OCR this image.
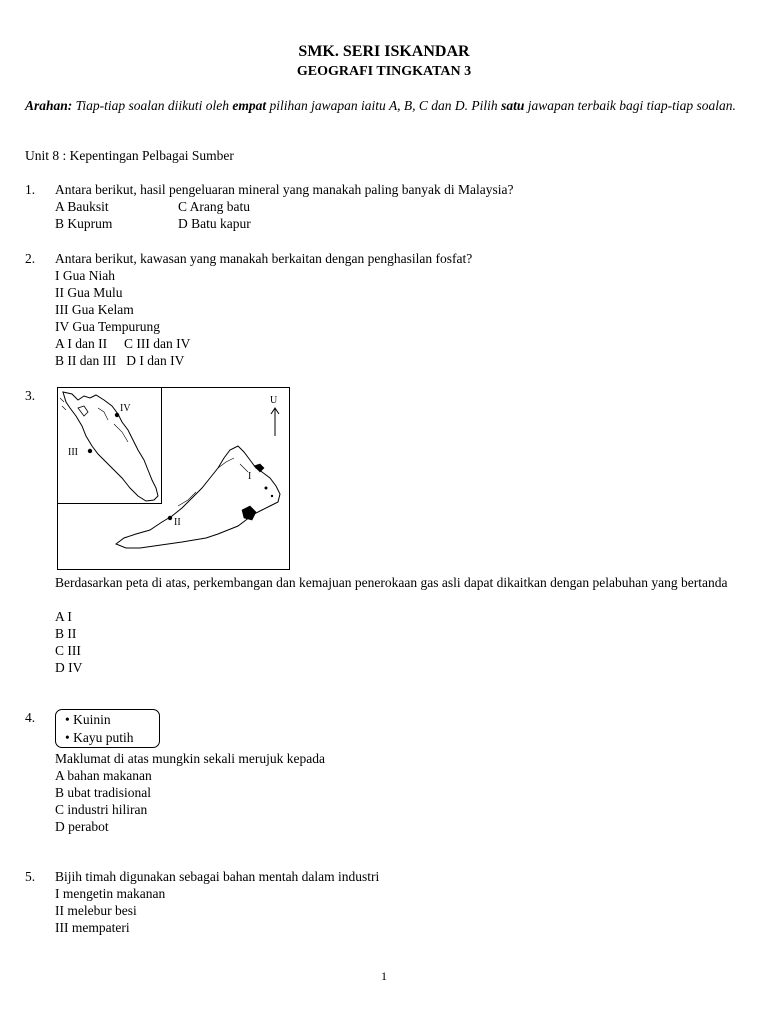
SMK. SERI ISKANDAR
GEOGRAFI TINGKATAN 3
Arahan: Tiap-tiap soalan diikuti oleh empat pilihan jawapan iaitu A, B, C dan D. Pilih satu jawapan terbaik bagi tiap-tiap soalan.
Unit 8 : Kepentingan Pelbagai Sumber
1. Antara berikut, hasil pengeluaran mineral yang manakah paling banyak di Malaysia?
A Bauksit	C Arang batu
B Kuprum	D Batu kapur
2. Antara berikut, kawasan yang manakah berkaitan dengan penghasilan fosfat?
I Gua Niah
II Gua Mulu
III Gua Kelam
IV Gua Tempurung
A I dan II     C III dan IV
B II dan III   D I dan IV
3.	U
I
II
III
IV
Berdasarkan peta di atas, perkembangan dan kemajuan penerokaan gas asli dapat dikaitkan dengan pelabuhan yang bertanda
A I
B II
C III
D IV
4. • Kuinin
• Kayu putih
Maklumat di atas mungkin sekali merujuk kepada
A bahan makanan
B ubat tradisional
C industri hiliran
D perabot
5. Bijih timah digunakan sebagai bahan mentah dalam industri
I mengetin makanan
II melebur besi
III mempateri
1
